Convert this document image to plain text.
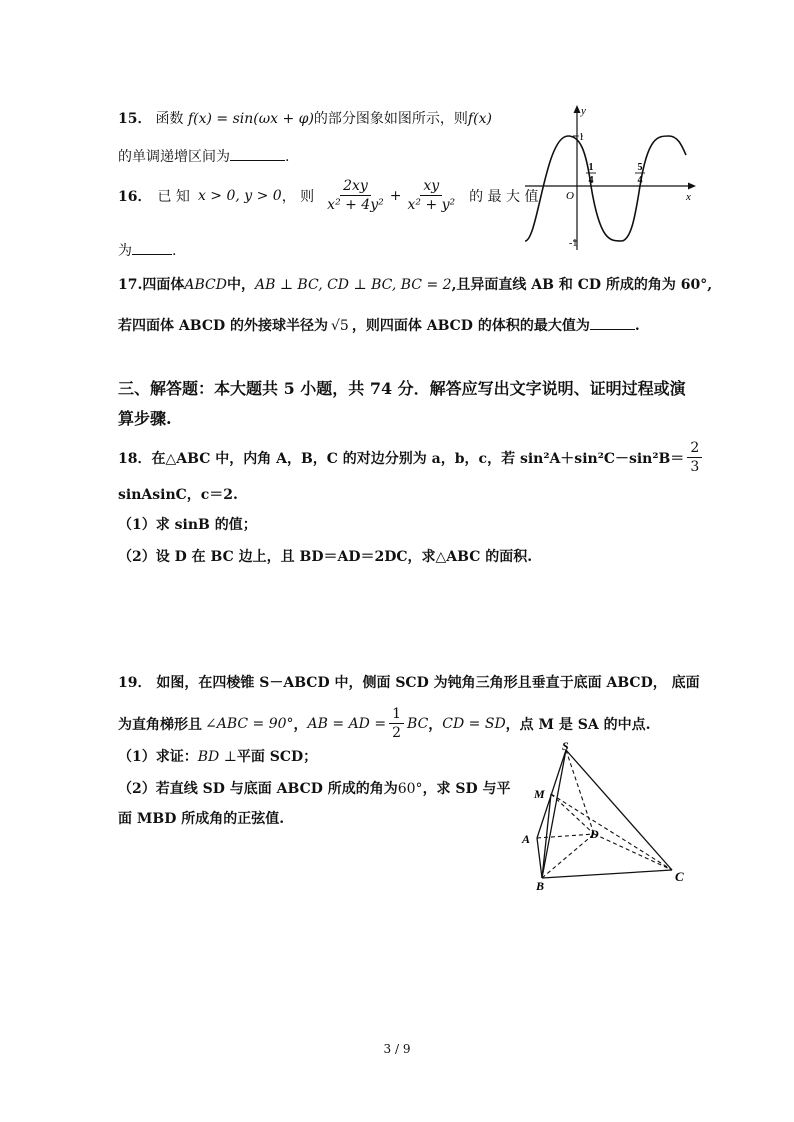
15． 函数 f(x) = sin(ωx + φ)的部分图象如图所示，则f(x)
的单调递增区间为	.
y
x
O
1
-1
1
4
5
4
16． 已 知 x > 0, y > 0 ， 则 $\frac{2xy}{\text{x² + 4y²}} + \frac{xy}{\text{x² + y²}}$ 的 最 大 值
为	.
17.四面体ABCD中，AB ⊥ BC, CD ⊥ BC, BC = 2,且异面直线 AB 和 CD 所成的角为 60°,
若四面体 ABCD 的外接球半径为 √5 ，则四面体 ABCD 的体积的最大值为	.
三、解答题：本大题共 5 小题，共 74 分．解答应写出文字说明、证明过程或演
算步骤.
18．在△ABC 中，内角 A，B，C 的对边分别为 a，b，c，若 $\sin^2A+\sin^2C-\sin^2B= \frac{2}{3}$
sinAsinC，c＝2.
（1）求 sinB 的值；
（2）设 D 在 BC 边上，且 BD＝AD＝2DC，求△ABC 的面积.
19． 如图，在四棱锥 S－ABCD 中，侧面 SCD 为钝角三角形且垂直于底面 ABCD， 底面
为直角梯形且 ∠ABC = 90° ， AB = AD = $\frac{1}{2}$ BC ， CD = SD ，点 M 是 SA 的中点.
（1）求证：BD ⊥平面 SCD；
（2）若直线 SD 与底面 ABCD 所成的角为60°，求 SD 与平
面 MBD 所成角的正弦值.
S
M
A	D
B
C
3 / 9
